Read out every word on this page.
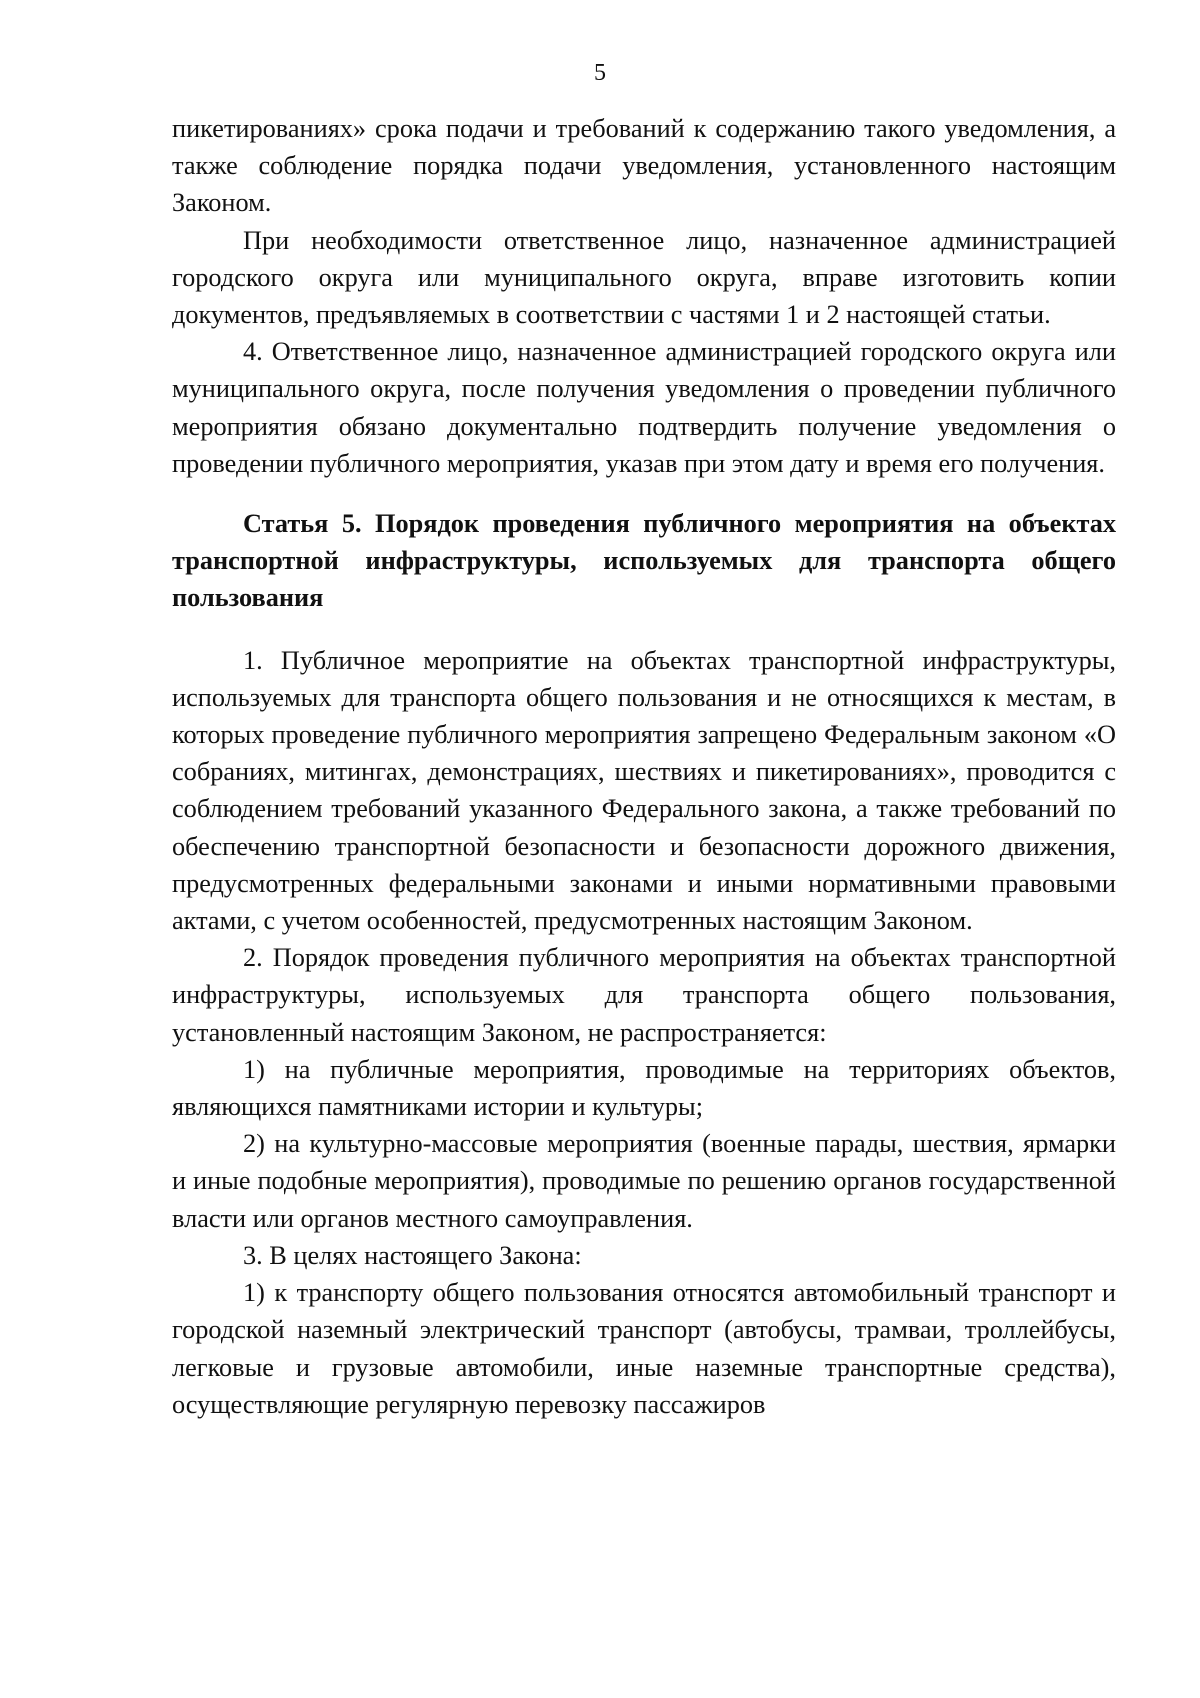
5

пикетированиях» срока подачи и требований к содержанию такого уведомления, а также соблюдение порядка подачи уведомления, установленного настоящим Законом.

При необходимости ответственное лицо, назначенное администрацией городского округа или муниципального округа, вправе изготовить копии документов, предъявляемых в соответствии с частями 1 и 2 настоящей статьи.

4. Ответственное лицо, назначенное администрацией городского округа или муниципального округа, после получения уведомления о проведении публичного мероприятия обязано документально подтвердить получение уведомления о проведении публичного мероприятия, указав при этом дату и время его получения.

Статья 5. Порядок проведения публичного мероприятия на объектах транспортной инфраструктуры, используемых для транспорта общего пользования

1. Публичное мероприятие на объектах транспортной инфраструктуры, используемых для транспорта общего пользования и не относящихся к местам, в которых проведение публичного мероприятия запрещено Федеральным законом «О собраниях, митингах, демонстрациях, шествиях и пикетированиях», проводится с соблюдением требований указанного Федерального закона, а также требований по обеспечению транспортной безопасности и безопасности дорожного движения, предусмотренных федеральными законами и иными нормативными правовыми актами, с учетом особенностей, предусмотренных настоящим Законом.

2. Порядок проведения публичного мероприятия на объектах транспортной инфраструктуры, используемых для транспорта общего пользования, установленный настоящим Законом, не распространяется:

1) на публичные мероприятия, проводимые на территориях объектов, являющихся памятниками истории и культуры;

2) на культурно-массовые мероприятия (военные парады, шествия, ярмарки и иные подобные мероприятия), проводимые по решению органов государственной власти или органов местного самоуправления.

3. В целях настоящего Закона:

1) к транспорту общего пользования относятся автомобильный транспорт и городской наземный электрический транспорт (автобусы, трамваи, троллейбусы, легковые и грузовые автомобили, иные наземные транспортные средства), осуществляющие регулярную перевозку пассажиров
